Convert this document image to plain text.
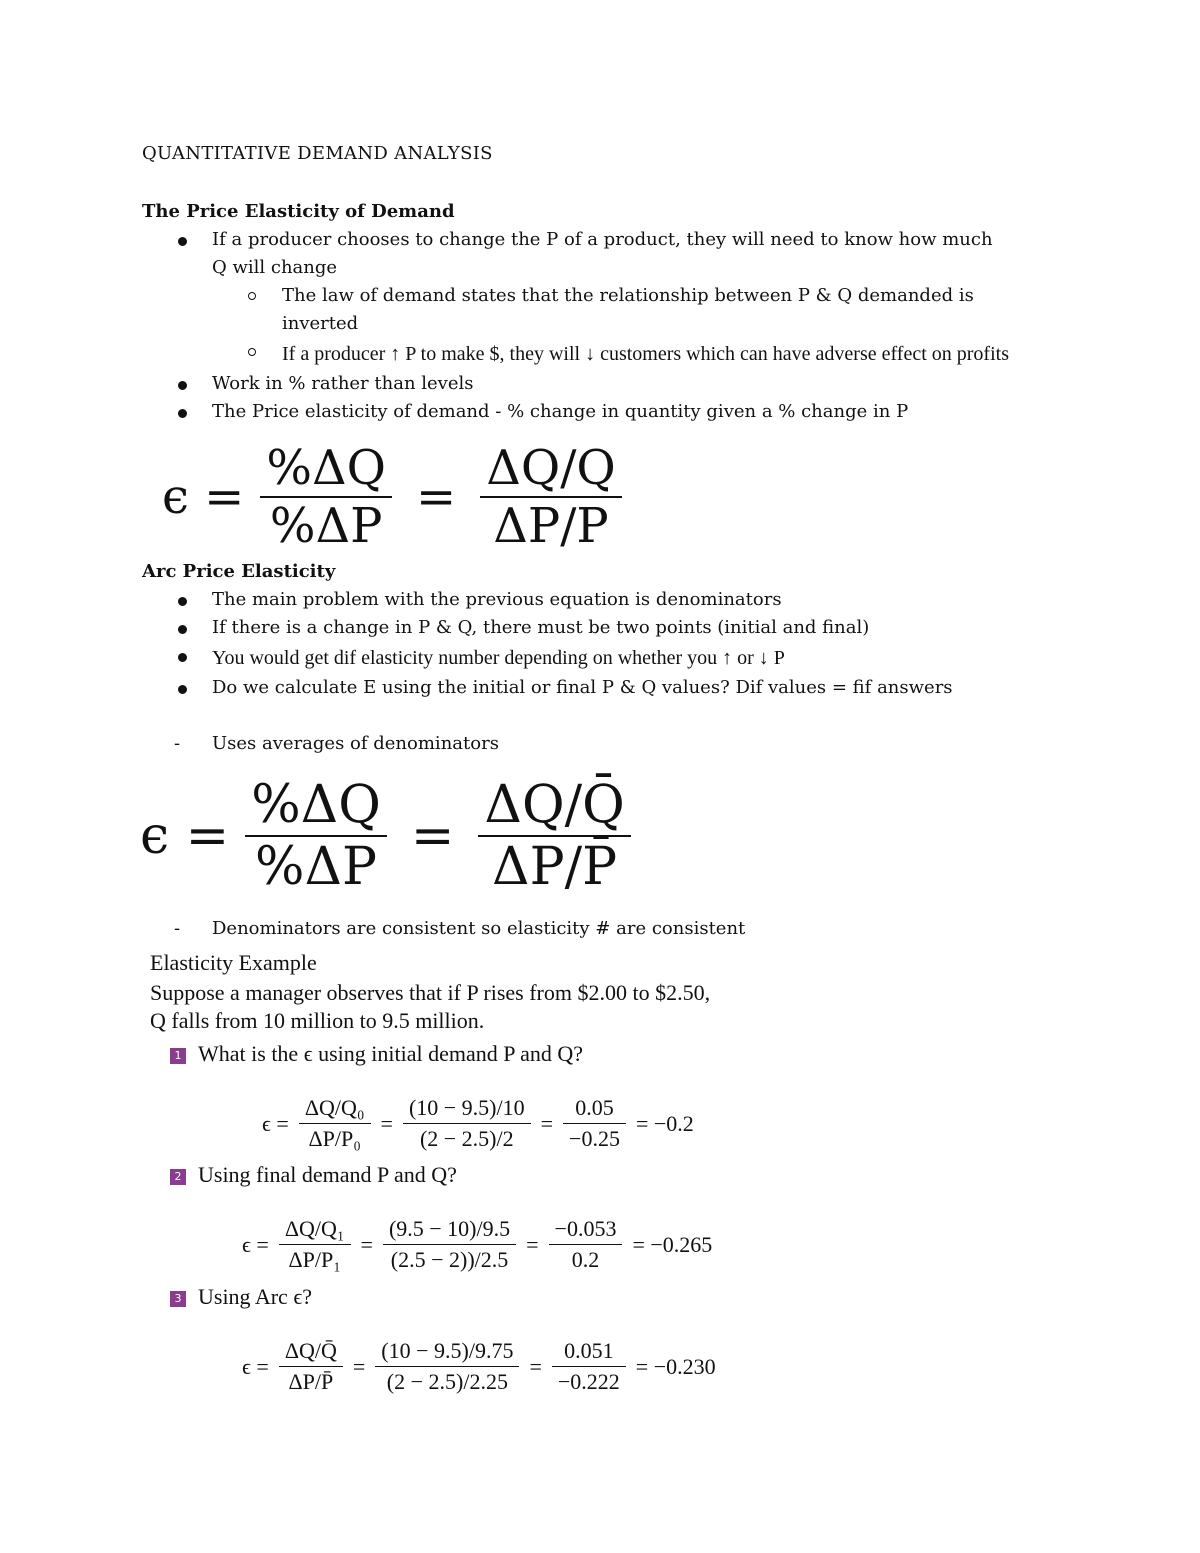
QUANTITATIVE DEMAND ANALYSIS
The Price Elasticity of Demand
If a producer chooses to change the P of a product, they will need to know how much Q will change
The law of demand states that the relationship between P & Q demanded is inverted
If a producer ↑ P to make $, they will ↓ customers which can have adverse effect on profits
Work in % rather than levels
The Price elasticity of demand - % change in quantity given a % change in P
$\epsilon = \frac{\%\Delta Q}{\%\Delta P} = \frac{\Delta Q/Q}{\Delta P/P}$
Arc Price Elasticity
The main problem with the previous equation is denominators
If there is a change in P & Q, there must be two points (initial and final)
You would get dif elasticity number depending on whether you ↑ or ↓ P
Do we calculate E using the initial or final P & Q values? Dif values = fif answers
- Uses averages of denominators
$\epsilon = \frac{\%\Delta Q}{\%\Delta P} = \frac{\Delta Q/Q̄}{\Delta P/P̄}$
- Denominators are consistent so elasticity # are consistent
Elasticity Example
Suppose a manager observes that if P rises from $2.00 to $2.50,
Q falls from 10 million to 9.5 million.
1 What is the ϵ using initial demand P and Q?
$\epsilon = \frac{\text{ΔQ/Q₀}}{\text{ΔP/P₀}} = \frac{(10 - 9.5)/10}{(2 - 2.5)/2} = \frac{0.05}{-0.25} = -0.2$
2 Using final demand P and Q?
$\epsilon = \frac{\text{ΔQ/Q₁}}{\text{ΔP/P₁}} = \frac{(9.5 - 10)/9.5}{(2.5 - 2))/2.5} = \frac{-0.053}{0.2} = -0.265$
3 Using Arc ϵ?
$\epsilon = \frac{\Delta Q/Q̄}{\Delta P/P̄} = \frac{(10 - 9.5)/9.75}{(2 - 2.5)/2.25} = \frac{0.051}{-0.222} = -0.230$
